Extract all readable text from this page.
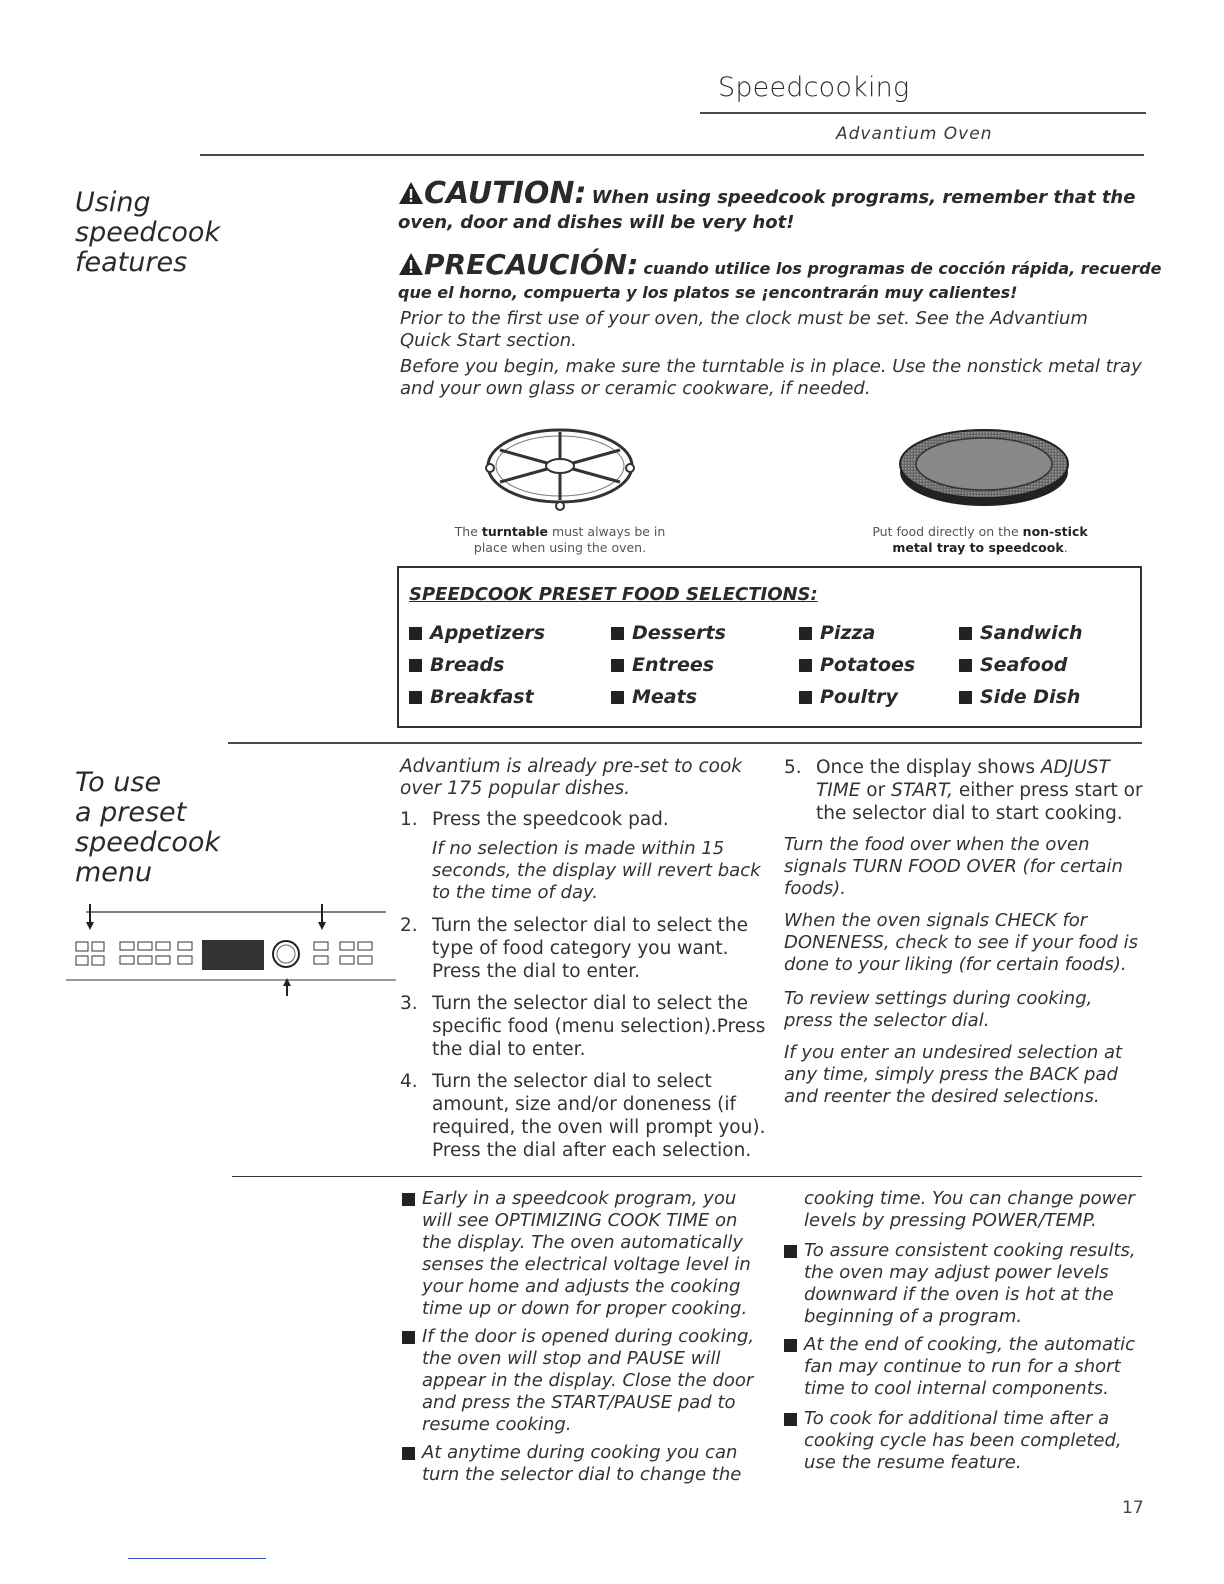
Speedcooking
Advantium Oven
Using
speedcook
features
CAUTION: When using speedcook programs, remember that the
oven, door and dishes will be very hot!
PRECAUCIÓN: cuando utilice los programas de cocción rápida, recuerde
que el horno, compuerta y los platos se ¡encontrarán muy calientes!
Prior to the first use of your oven, the clock must be set. See the Advantium Quick Start section.
Before you begin, make sure the turntable is in place. Use the nonstick metal tray and your own glass or ceramic cookware, if needed.
The turntable must always be in place when using the oven.
Put food directly on the non-stick metal tray to speedcook.
SPEEDCOOK PRESET FOOD SELECTIONS:
Appetizers
Breads
Breakfast
Desserts
Entrees
Meats
Pizza
Potatoes
Poultry
Sandwich
Seafood
Side Dish
To use
a preset
speedcook
menu
Advantium is already pre-set to cook over 175 popular dishes.
1. Press the speedcook pad.
If no selection is made within 15 seconds, the display will revert back to the time of day.
2. Turn the selector dial to select the type of food category you want. Press the dial to enter.
3. Turn the selector dial to select the specific food (menu selection).Press the dial to enter.
4. Turn the selector dial to select amount, size and/or doneness (if required, the oven will prompt you). Press the dial after each selection.
5. Once the display shows ADJUST TIME or START, either press start or the selector dial to start cooking.
Turn the food over when the oven signals TURN FOOD OVER (for certain foods).
When the oven signals CHECK for DONENESS, check to see if your food is done to your liking (for certain foods).
To review settings during cooking, press the selector dial.
If you enter an undesired selection at any time, simply press the BACK pad and reenter the desired selections.
Early in a speedcook program, you will see OPTIMIZING COOK TIME on the display. The oven automatically senses the electrical voltage level in your home and adjusts the cooking time up or down for proper cooking.
If the door is opened during cooking, the oven will stop and PAUSE will appear in the display. Close the door and press the START/PAUSE pad to resume cooking.
At anytime during cooking you can turn the selector dial to change the
cooking time. You can change power levels by pressing POWER/TEMP.
To assure consistent cooking results, the oven may adjust power levels downward if the oven is hot at the beginning of a program.
At the end of cooking, the automatic fan may continue to run for a short time to cool internal components.
To cook for additional time after a cooking cycle has been completed, use the resume feature.
17
